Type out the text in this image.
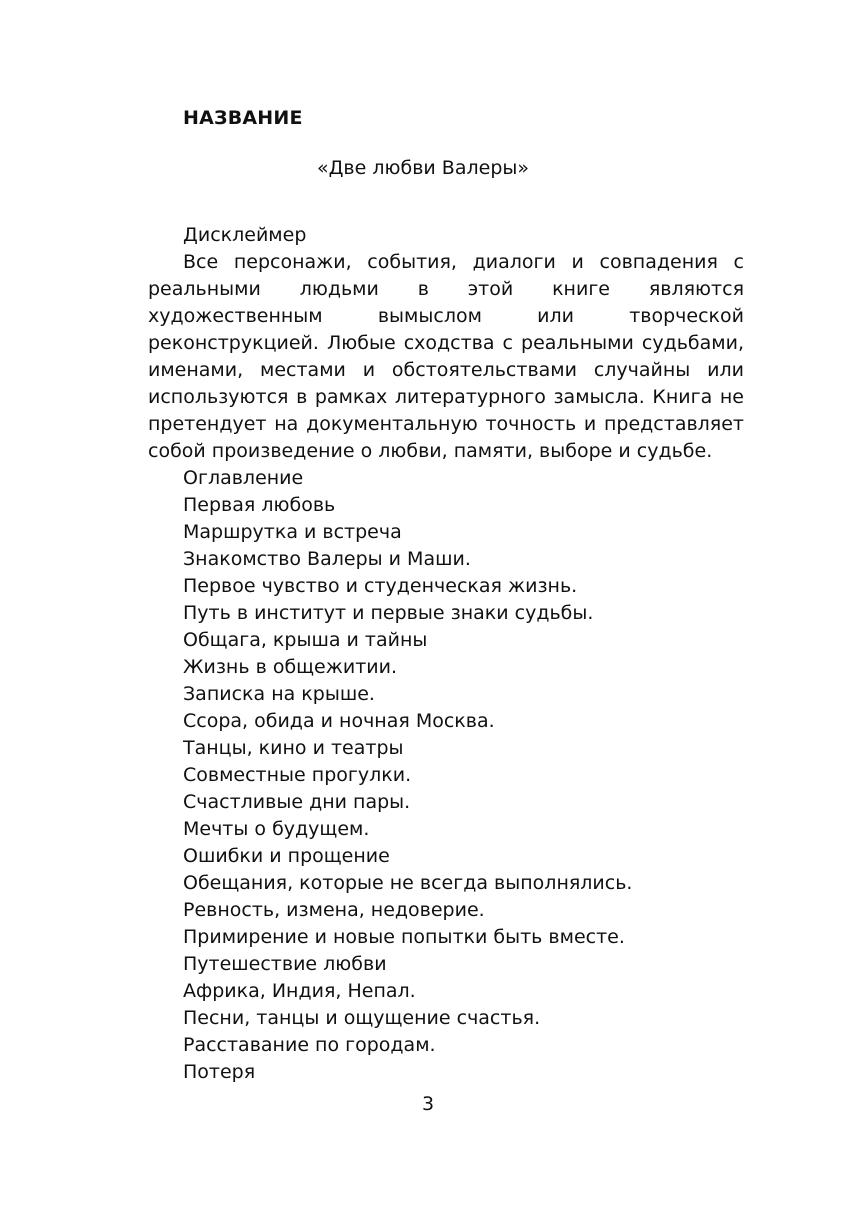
НАЗВАНИЕ
«Две любви Валеры»
Дисклеймер
Все персонажи, события, диалоги и совпадения с реальными людьми в этой книге являются художественным вымыслом или творческой реконструкцией. Любые сходства с реальными судьбами, именами, местами и обстоятельствами случайны или используются в рамках литературного замысла. Книга не претендует на документальную точность и представляет собой произведение о любви, памяти, выборе и судьбе.
Оглавление
Первая любовь
Маршрутка и встреча
Знакомство Валеры и Маши.
Первое чувство и студенческая жизнь.
Путь в институт и первые знаки судьбы.
Общага, крыша и тайны
Жизнь в общежитии.
Записка на крыше.
Ссора, обида и ночная Москва.
Танцы, кино и театры
Совместные прогулки.
Счастливые дни пары.
Мечты о будущем.
Ошибки и прощение
Обещания, которые не всегда выполнялись.
Ревность, измена, недоверие.
Примирение и новые попытки быть вместе.
Путешествие любви
Африка, Индия, Непал.
Песни, танцы и ощущение счастья.
Расставание по городам.
Потеря
3
